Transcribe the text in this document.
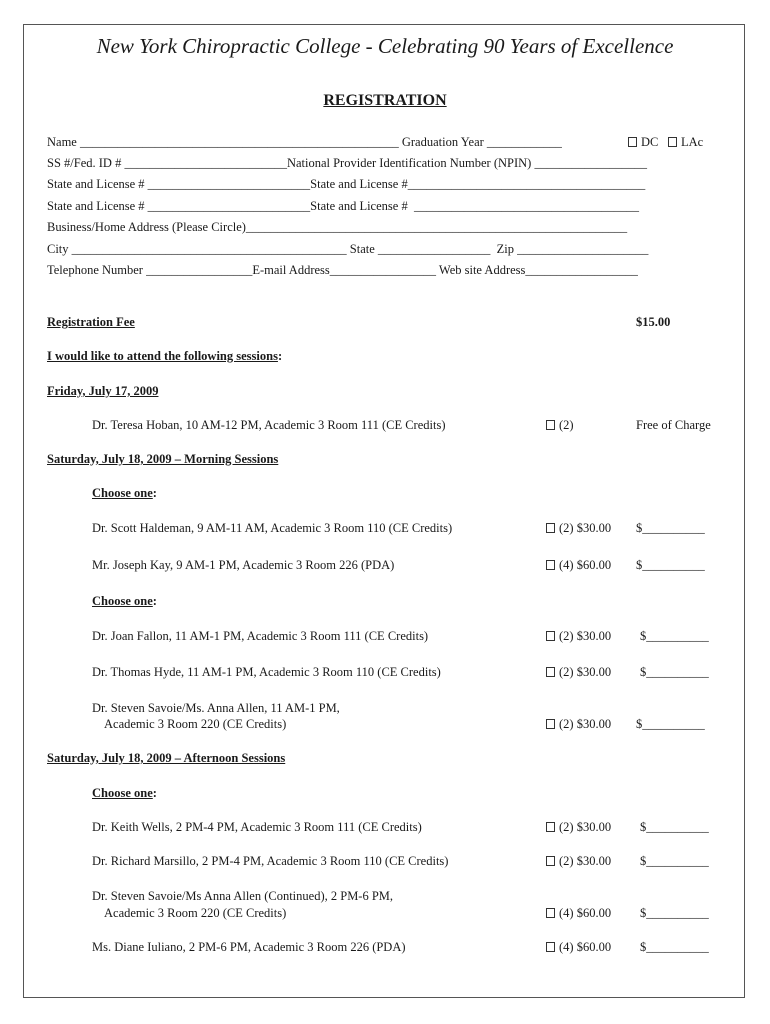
New York Chiropractic College - Celebrating 90 Years of Excellence
REGISTRATION
Name ___________________________________________________ Graduation Year ____________	DC	LAc
SS #/Fed. ID # __________________________National Provider Identification Number (NPIN) __________________
State and License # __________________________State and License #______________________________________
State and License # __________________________State and License #  ____________________________________
Business/Home Address (Please Circle)_____________________________________________________________
City ____________________________________________ State __________________  Zip _____________________
Telephone Number _________________E-mail Address_________________ Web site Address__________________
Registration Fee	$15.00
I would like to attend the following sessions:
Friday, July 17, 2009
Dr. Teresa Hoban, 10 AM-12 PM, Academic 3 Room 111 (CE Credits)	(2)	Free of Charge
Saturday, July 18, 2009 – Morning Sessions
Choose one:
Dr. Scott Haldeman, 9 AM-11 AM, Academic 3 Room 110 (CE Credits)	(2) $30.00 $__________
Mr. Joseph Kay, 9 AM-1 PM, Academic 3 Room 226 (PDA)	(4) $60.00 $__________
Choose one:
Dr. Joan Fallon, 11 AM-1 PM, Academic 3 Room 111 (CE Credits)	(2) $30.00 $__________
Dr. Thomas Hyde, 11 AM-1 PM, Academic 3 Room 110 (CE Credits)	(2) $30.00 $__________
Dr. Steven Savoie/Ms. Anna Allen, 11 AM-1 PM,
Academic 3 Room 220 (CE Credits)	(2) $30.00 $__________
Saturday, July 18, 2009 – Afternoon Sessions
Choose one:
Dr. Keith Wells, 2 PM-4 PM, Academic 3 Room 111 (CE Credits)	(2) $30.00 $__________
Dr. Richard Marsillo, 2 PM-4 PM, Academic 3 Room 110 (CE Credits)	(2) $30.00 $__________
Dr. Steven Savoie/Ms Anna Allen (Continued), 2 PM-6 PM,
Academic 3 Room 220 (CE Credits)	(4) $60.00 $__________
Ms. Diane Iuliano, 2 PM-6 PM, Academic 3 Room 226 (PDA)	(4) $60.00 $__________
